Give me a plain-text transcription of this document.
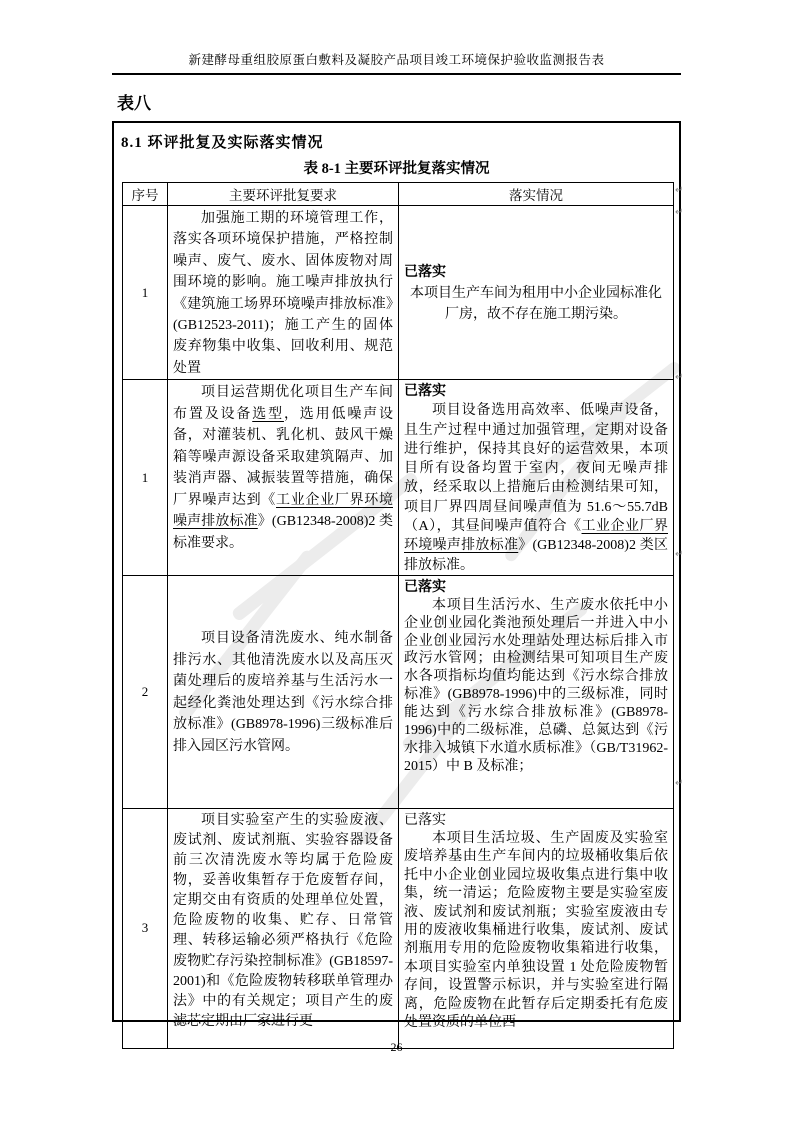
新建酵母重组胶原蛋白敷料及凝胶产品项目竣工环境保护验收监测报告表
表八
8.1 环评批复及实际落实情况
表 8-1 主要环评批复落实情况
序号	主要环评批复要求	落实情况
1	加强施工期的环境管理工作，落实各项环境保护措施，严格控制噪声、废气、废水、固体废物对周围环境的影响。施工噪声排放执行《建筑施工场界环境噪声排放标准》(GB12523-2011)；施工产生的固体废弃物集中收集、回收利用、规范处置	已落实
本项目生产车间为租用中小企业园标准化厂房，故不存在施工期污染。

1	项目运营期优化项目生产车间布置及设备选型，选用低噪声设备，对灌装机、乳化机、鼓风干燥箱等噪声源设备采取建筑隔声、加装消声器、减振装置等措施，确保厂界噪声达到《工业企业厂界环境噪声排放标准》(GB12348-2008)2 类标准要求。	已落实
项目设备选用高效率、低噪声设备，且生产过程中通过加强管理，定期对设备进行维护，保持其良好的运营效果，本项目所有设备均置于室内，夜间无噪声排放，经采取以上措施后由检测结果可知，项目厂界四周昼间噪声值为 51.6～55.7dB（A），其昼间噪声值符合《工业企业厂界环境噪声排放标准》(GB12348-2008)2 类区排放标准。

2	项目设备清洗废水、纯水制备排污水、其他清洗废水以及高压灭菌处理后的废培养基与生活污水一起经化粪池处理达到《污水综合排放标准》(GB8978-1996)三级标准后排入园区污水管网。	已落实
本项目生活污水、生产废水依托中小企业创业园化粪池预处理后一并进入中小企业创业园污水处理站处理达标后排入市政污水管网；由检测结果可知项目生产废水各项指标均值均能达到《污水综合排放标准》(GB8978-1996)中的三级标准，同时能达到《污水综合排放标准》(GB8978-1996)中的二级标准，总磷、总氮达到《污水排入城镇下水道水质标准》（GB/T31962-2015）中 B 及标准；

3	项目实验室产生的实验废液、废试剂、废试剂瓶、实验容器设备前三次清洗废水等均属于危险废物，妥善收集暂存于危废暂存间，定期交由有资质的处理单位处置，危险废物的收集、贮存、日常管理、转移运输必须严格执行《危险废物贮存污染控制标准》(GB18597-2001)和《危险废物转移联单管理办法》中的有关规定；项目产生的废滤芯定期由厂家进行更	已落实
本项目生活垃圾、生产固废及实验室废培养基由生产车间内的垃圾桶收集后依托中小企业创业园垃圾收集点进行集中收集，统一清运；危险废物主要是实验室废液、废试剂和废试剂瓶；实验室废液由专用的废液收集桶进行收集，废试剂、废试剂瓶用专用的危险废物收集箱进行收集，本项目实验室内单独设置 1 处危险废物暂存间，设置警示标识，并与实验室进行隔离，危险废物在此暂存后定期委托有危废处置资质的单位西
↵
↵
↵
↵
↵
26
